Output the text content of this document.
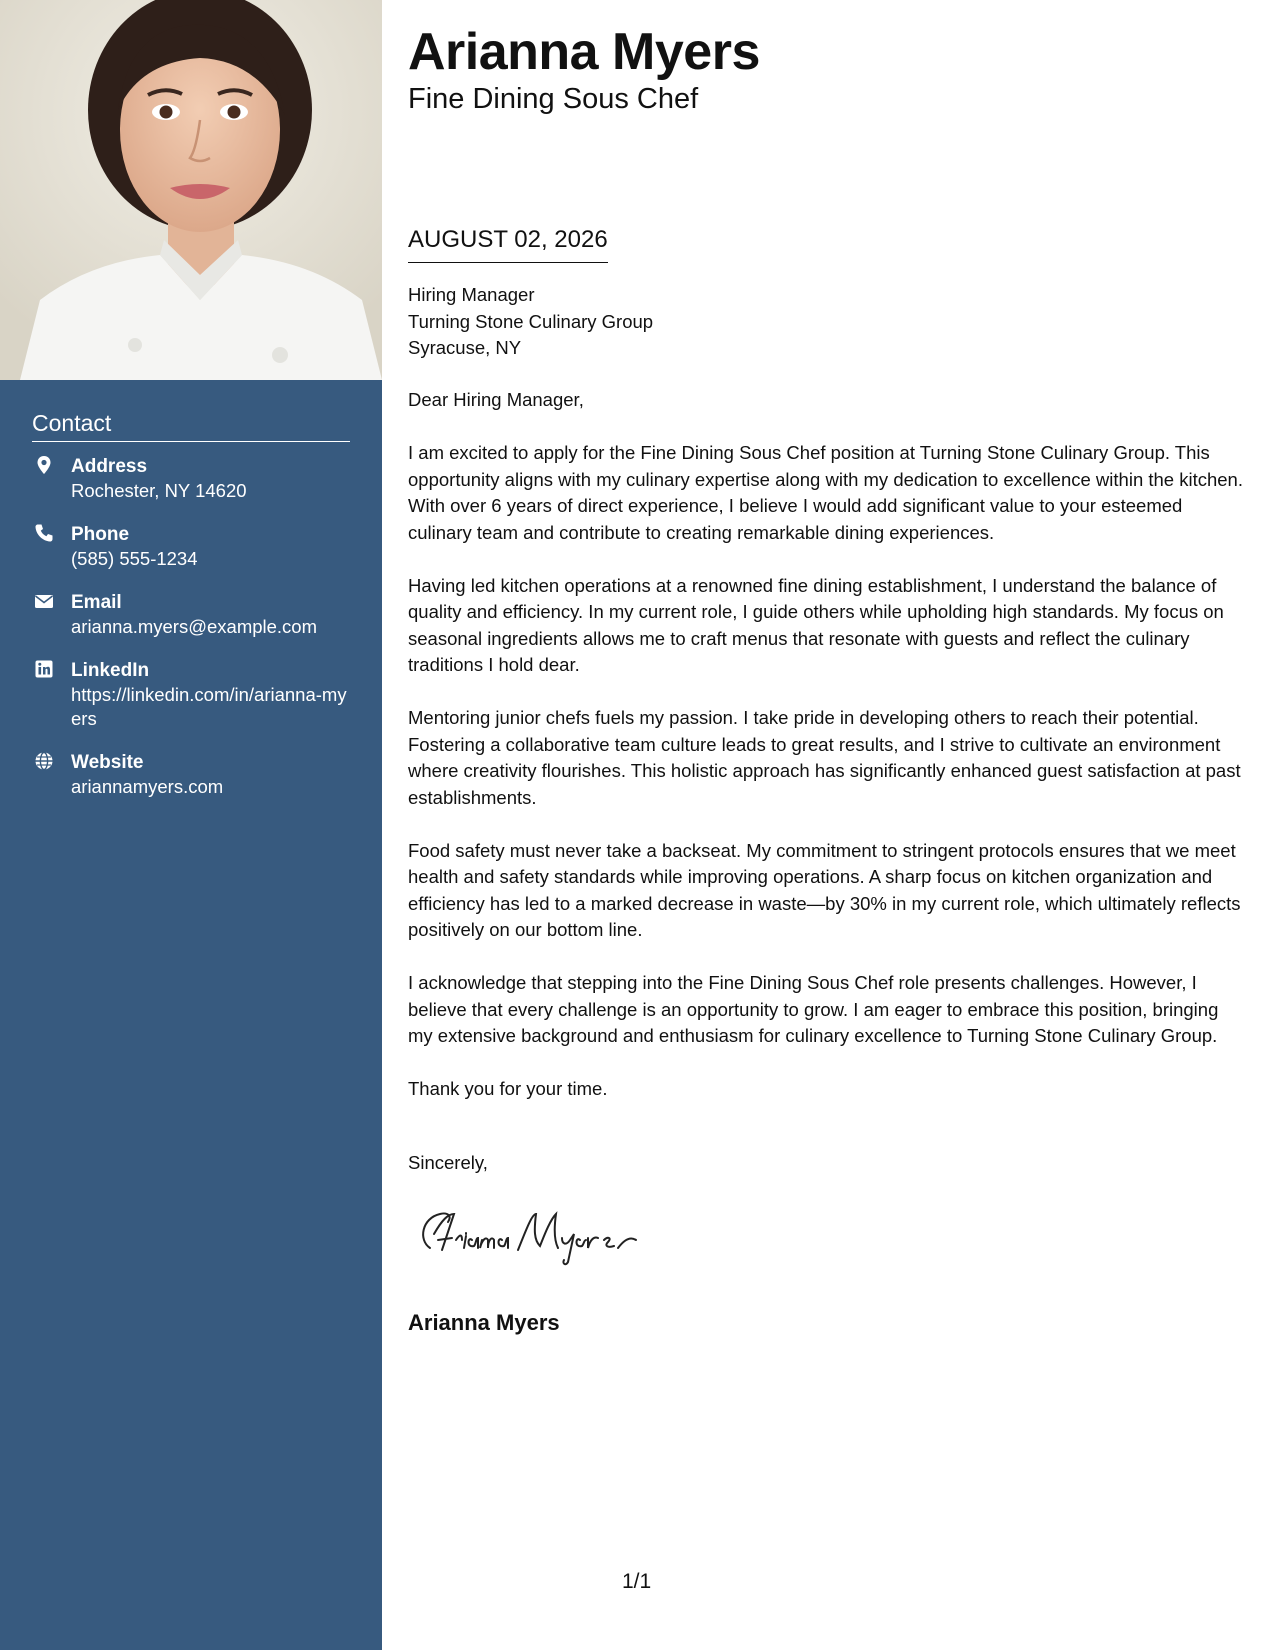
Contact
Address
Rochester, NY 14620
Phone
(585) 555-1234
Email
arianna.myers@example.com
LinkedIn
https://linkedin.com/in/arianna-myers
Website
ariannamyers.com
Arianna Myers
Fine Dining Sous Chef
AUGUST 02, 2026
Hiring Manager
Turning Stone Culinary Group
Syracuse, NY

Dear Hiring Manager,

I am excited to apply for the Fine Dining Sous Chef position at Turning Stone Culinary Group. This opportunity aligns with my culinary expertise along with my dedication to excellence within the kitchen. With over 6 years of direct experience, I believe I would add significant value to your esteemed culinary team and contribute to creating remarkable dining experiences.

Having led kitchen operations at a renowned fine dining establishment, I understand the balance of quality and efficiency. In my current role, I guide others while upholding high standards. My focus on seasonal ingredients allows me to craft menus that resonate with guests and reflect the culinary traditions I hold dear.

Mentoring junior chefs fuels my passion. I take pride in developing others to reach their potential. Fostering a collaborative team culture leads to great results, and I strive to cultivate an environment where creativity flourishes. This holistic approach has significantly enhanced guest satisfaction at past establishments.

Food safety must never take a backseat. My commitment to stringent protocols ensures that we meet health and safety standards while improving operations. A sharp focus on kitchen organization and efficiency has led to a marked decrease in waste—by 30% in my current role, which ultimately reflects positively on our bottom line.

I acknowledge that stepping into the Fine Dining Sous Chef role presents challenges. However, I believe that every challenge is an opportunity to grow. I am eager to embrace this position, bringing my extensive background and enthusiasm for culinary excellence to Turning Stone Culinary Group.

Thank you for your time.

Sincerely,
Arianna Myers
1/1
